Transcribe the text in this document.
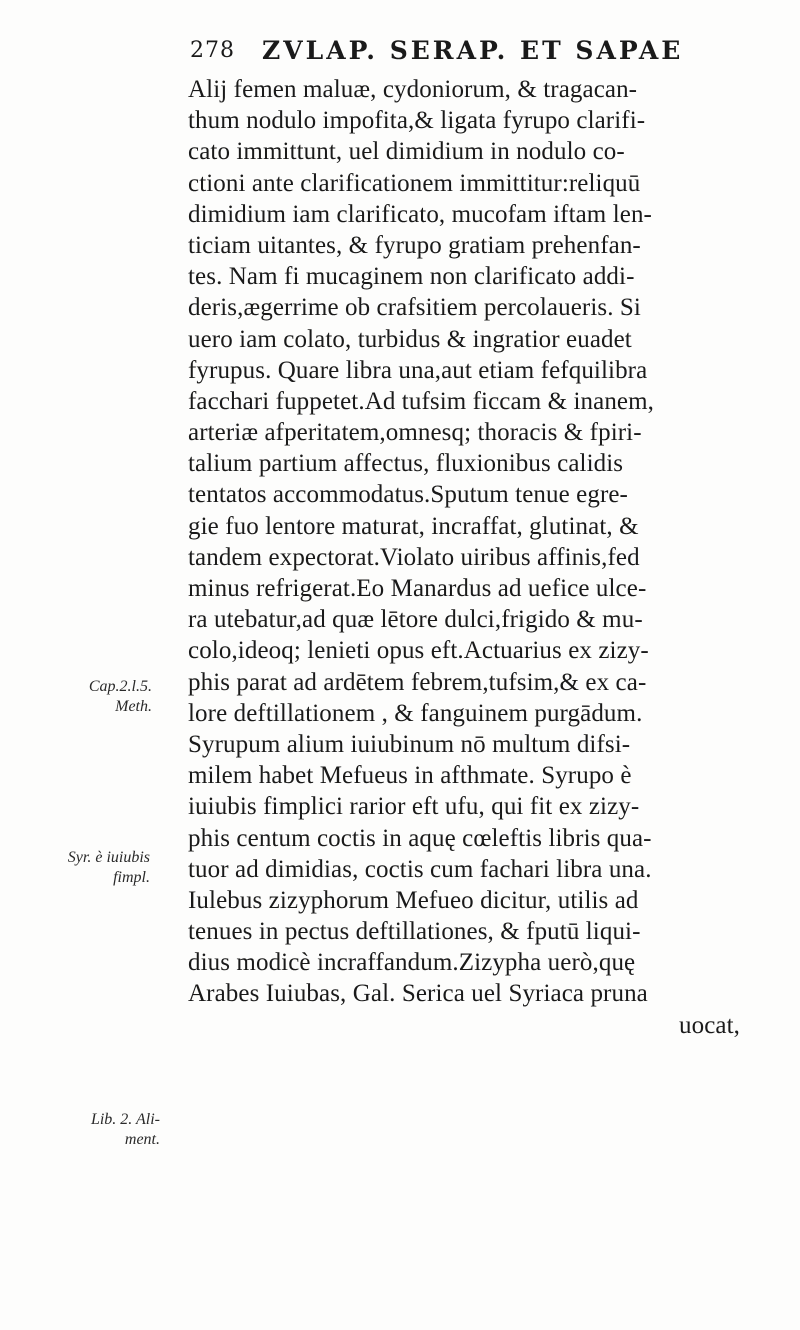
278 ZVLAP. SERAP. ET SAPAE
Alij femen maluæ, cydoniorum, & tragacan-
thum nodulo impofita,& ligata fyrupo clarifi-
cato immittunt, uel dimidium in nodulo co-
ctioni ante clarificationem immittitur:reliquū
dimidium iam clarificato, mucofam iftam len-
ticiam uitantes, & fyrupo gratiam prehenfan-
tes. Nam fi mucaginem non clarificato addi-
deris,ægerrime ob crafsitiem percolaueris. Si
uero iam colato, turbidus & ingratior euadet
fyrupus. Quare libra una,aut etiam fefquilibra
facchari fuppetet.Ad tufsim ficcam & inanem,
arteriæ afperitatem,omnesq; thoracis & fpiri-
talium partium affectus, fluxionibus calidis
tentatos accommodatus.Sputum tenue egre-
gie fuo lentore maturat, incraffat, glutinat, &
tandem expectorat.Violato uiribus affinis,fed
minus refrigerat.Eo Manardus ad uefice ulce-
ra utebatur,ad quæ lētore dulci,frigido & mu-
colo,ideoq; lenieti opus eft.Actuarius ex zizy-
phis parat ad ardētem febrem,tufsim,& ex ca-
lore deftillationem , & fanguinem purgādum.
Syrupum alium iuiubinum nō multum difsi-
milem habet Mefueus in afthmate. Syrupo è
iuiubis fimplici rarior eft ufu, qui fit ex zizy-
phis centum coctis in aquę cœleftis libris qua-
tuor ad dimidias, coctis cum fachari libra una.
Iulebus zizyphorum Mefueo dicitur, utilis ad
tenues in pectus deftillationes, & fputū liqui-
dius modicè incraffandum.Zizypha uerò,quę
Arabes Iuiubas, Gal. Serica uel Syriaca pruna
uocat,
Cap.2.l.5.
Meth.
Syr. è iuiubis
fimpl.
Lib. 2. Ali-
ment.
